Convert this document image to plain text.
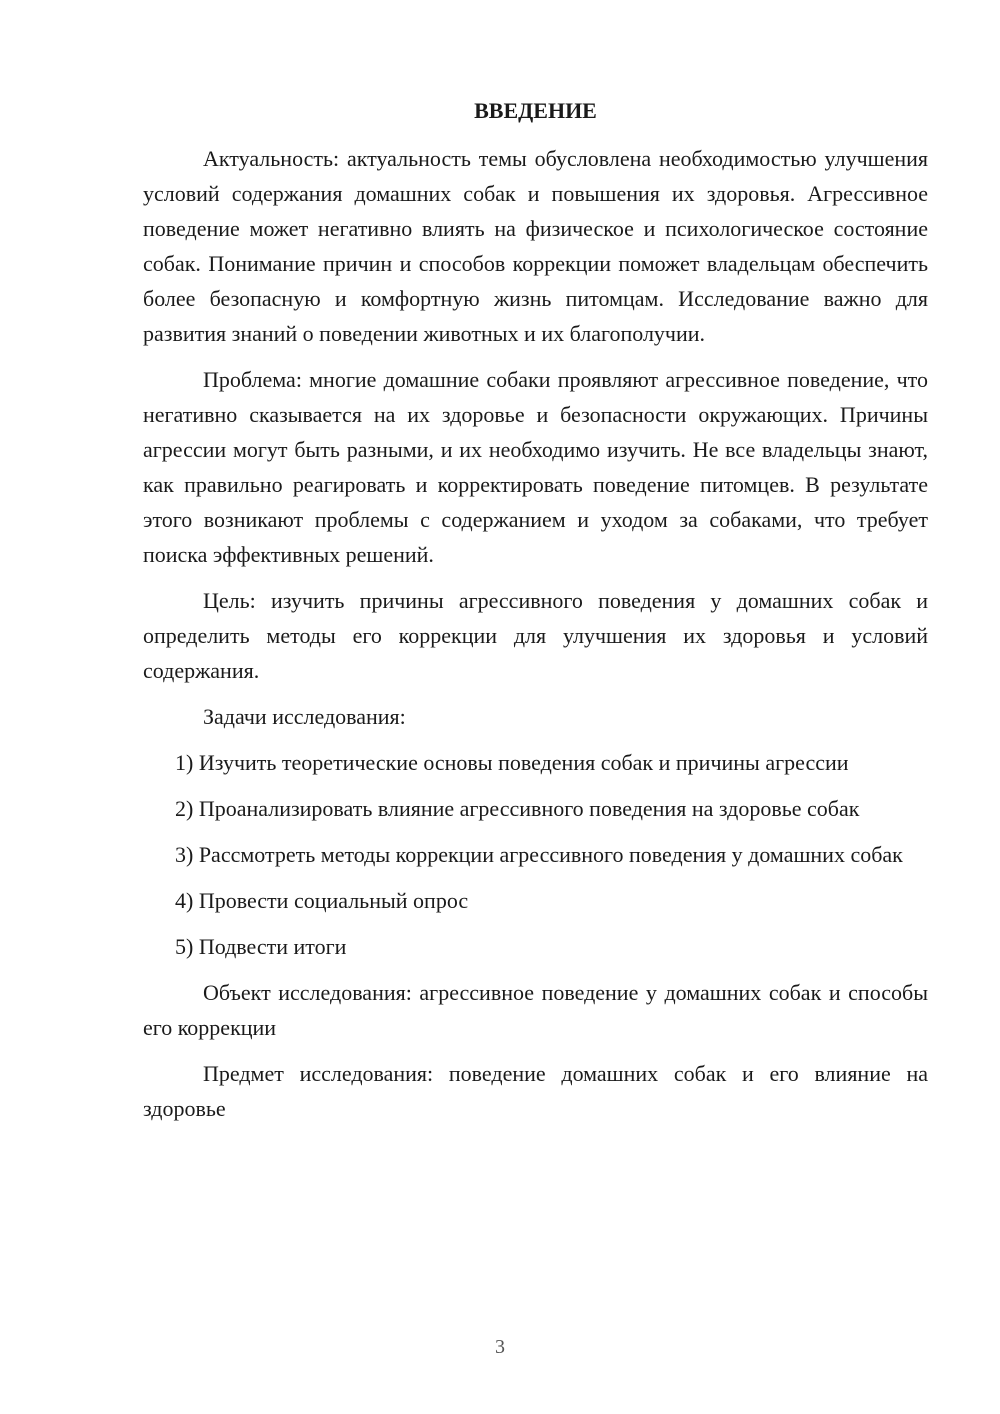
ВВЕДЕНИЕ

Актуальность: актуальность темы обусловлена необходимостью улучшения условий содержания домашних собак и повышения их здоровья. Агрессивное поведение может негативно влиять на физическое и психологическое состояние собак. Понимание причин и способов коррекции поможет владельцам обеспечить более безопасную и комфортную жизнь питомцам. Исследование важно для развития знаний о поведении животных и их благополучии.

Проблема: многие домашние собаки проявляют агрессивное поведение, что негативно сказывается на их здоровье и безопасности окружающих. Причины агрессии могут быть разными, и их необходимо изучить. Не все владельцы знают, как правильно реагировать и корректировать поведение питомцев. В результате этого возникают проблемы с содержанием и уходом за собаками, что требует поиска эффективных решений.

Цель: изучить причины агрессивного поведения у домашних собак и определить методы его коррекции для улучшения их здоровья и условий содержания.

Задачи исследования:

1) Изучить теоретические основы поведения собак и причины агрессии

2) Проанализировать влияние агрессивного поведения на здоровье собак

3) Рассмотреть методы коррекции агрессивного поведения у домашних собак

4) Провести социальный опрос

5) Подвести итоги

Объект исследования: агрессивное поведение у домашних собак и способы его коррекции

Предмет исследования: поведение домашних собак и его влияние на здоровье

3
